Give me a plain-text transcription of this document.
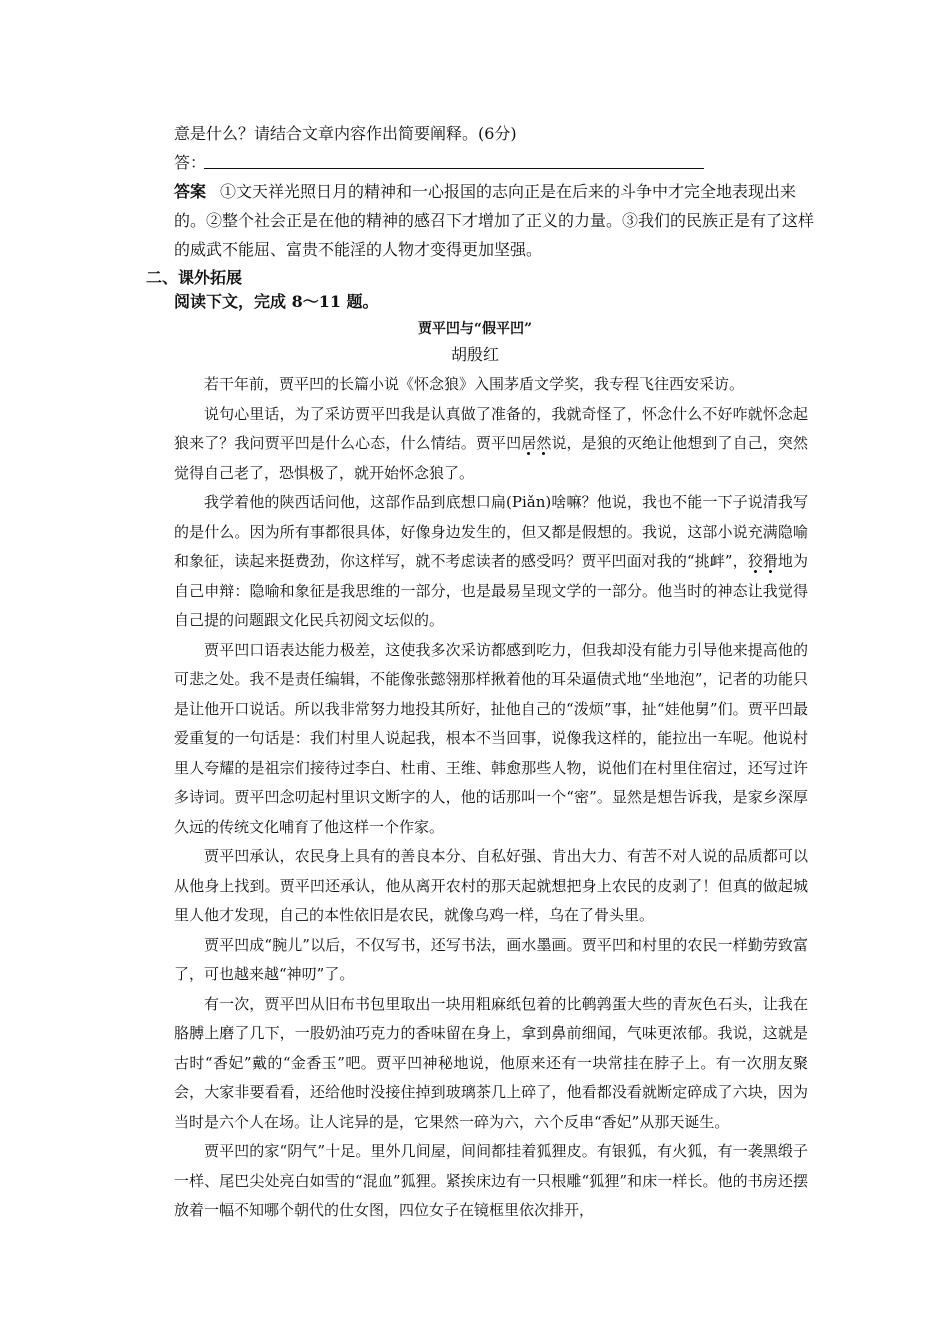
意是什么？请结合文章内容作出简要阐释。(6分)
答：
答案 ①文天祥光照日月的精神和一心报国的志向正是在后来的斗争中才完全地表现出来的。②整个社会正是在他的精神的感召下才增加了正义的力量。③我们的民族正是有了这样的威武不能屈、富贵不能淫的人物才变得更加坚强。
二、课外拓展
阅读下文，完成 8～11 题。
贾平凹与“假平凹”
胡殷红

若干年前，贾平凹的长篇小说《怀念狼》入围茅盾文学奖，我专程飞往西安采访。

说句心里话，为了采访贾平凹我是认真做了准备的，我就奇怪了，怀念什么不好咋就怀念起狼来了？我问贾平凹是什么心态，什么情结。贾平凹居然说，是狼的灭绝让他想到了自己，突然觉得自己老了，恐惧极了，就开始怀念狼了。

我学着他的陕西话问他，这部作品到底想口扁(Piǎn)啥嘛？他说，我也不能一下子说清我写的是什么。因为所有事都很具体，好像身边发生的，但又都是假想的。我说，这部小说充满隐喻和象征，读起来挺费劲，你这样写，就不考虑读者的感受吗？贾平凹面对我的“挑衅”，狡猾地为自己申辩：隐喻和象征是我思维的一部分，也是最易呈现文学的一部分。他当时的神态让我觉得自己提的问题跟文化民兵初阅文坛似的。

贾平凹口语表达能力极差，这使我多次采访都感到吃力，但我却没有能力引导他来提高他的可悲之处。我不是责任编辑，不能像张懿翎那样揪着他的耳朵逼债式地“坐地泡”，记者的功能只是让他开口说话。所以我非常努力地投其所好，扯他自己的“泼烦”事，扯“娃他舅”们。贾平凹最爱重复的一句话是：我们村里人说起我，根本不当回事，说像我这样的，能拉出一车呢。他说村里人夸耀的是祖宗们接待过李白、杜甫、王维、韩愈那些人物，说他们在村里住宿过，还写过许多诗词。贾平凹念叨起村里识文断字的人，他的话那叫一个“密”。显然是想告诉我，是家乡深厚久远的传统文化哺育了他这样一个作家。

贾平凹承认，农民身上具有的善良本分、自私好强、肯出大力、有苦不对人说的品质都可以从他身上找到。贾平凹还承认，他从离开农村的那天起就想把身上农民的皮剥了！但真的做起城里人他才发现，自己的本性依旧是农民，就像乌鸡一样，乌在了骨头里。

贾平凹成“腕儿”以后，不仅写书，还写书法，画水墨画。贾平凹和村里的农民一样勤劳致富了，可也越来越“神叨”了。

有一次，贾平凹从旧布书包里取出一块用粗麻纸包着的比鹌鹑蛋大些的青灰色石头，让我在胳膊上磨了几下，一股奶油巧克力的香味留在身上，拿到鼻前细闻，气味更浓郁。我说，这就是古时“香妃”戴的“金香玉”吧。贾平凹神秘地说，他原来还有一块常挂在脖子上。有一次朋友聚会，大家非要看看，还给他时没接住掉到玻璃茶几上碎了，他看都没看就断定碎成了六块，因为当时是六个人在场。让人诧异的是，它果然一碎为六，六个反串“香妃”从那天诞生。

贾平凹的家“阴气”十足。里外几间屋，间间都挂着狐狸皮。有银狐，有火狐，有一袭黑缎子一样、尾巴尖处亮白如雪的“混血”狐狸。紧挨床边有一只根雕“狐狸”和床一样长。他的书房还摆放着一幅不知哪个朝代的仕女图，四位女子在镜框里依次排开，
